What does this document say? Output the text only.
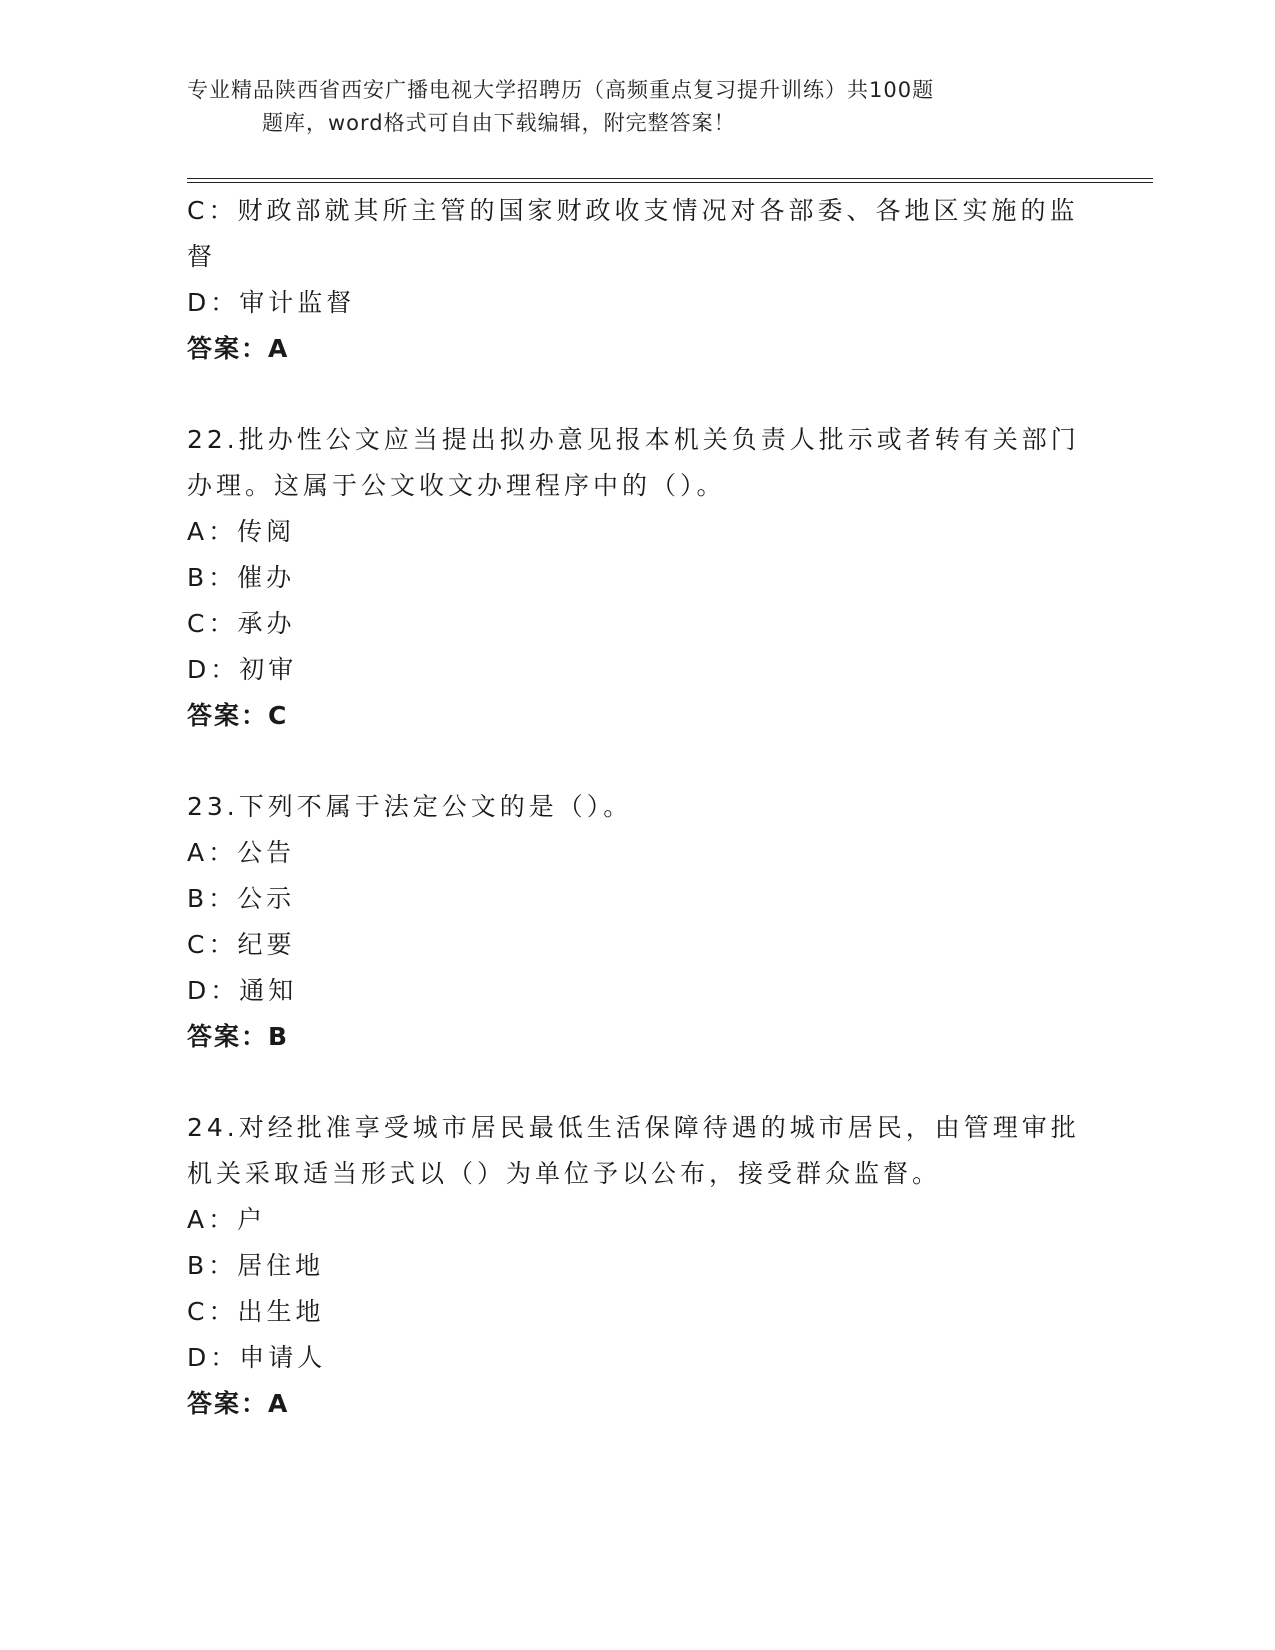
专业精品陕西省西安广播电视大学招聘历（高频重点复习提升训练）共100题
题库，word格式可自由下载编辑，附完整答案！
C：财政部就其所主管的国家财政收支情况对各部委、各地区实施的监
督
D：审计监督
答案：A
22.批办性公文应当提出拟办意见报本机关负责人批示或者转有关部门
办理。这属于公文收文办理程序中的（）。
A：传阅
B：催办
C：承办
D：初审
答案：C
23.下列不属于法定公文的是（）。
A：公告
B：公示
C：纪要
D：通知
答案：B
24.对经批准享受城市居民最低生活保障待遇的城市居民，由管理审批
机关采取适当形式以（）为单位予以公布，接受群众监督。
A：户
B：居住地
C：出生地
D：申请人
答案：A
